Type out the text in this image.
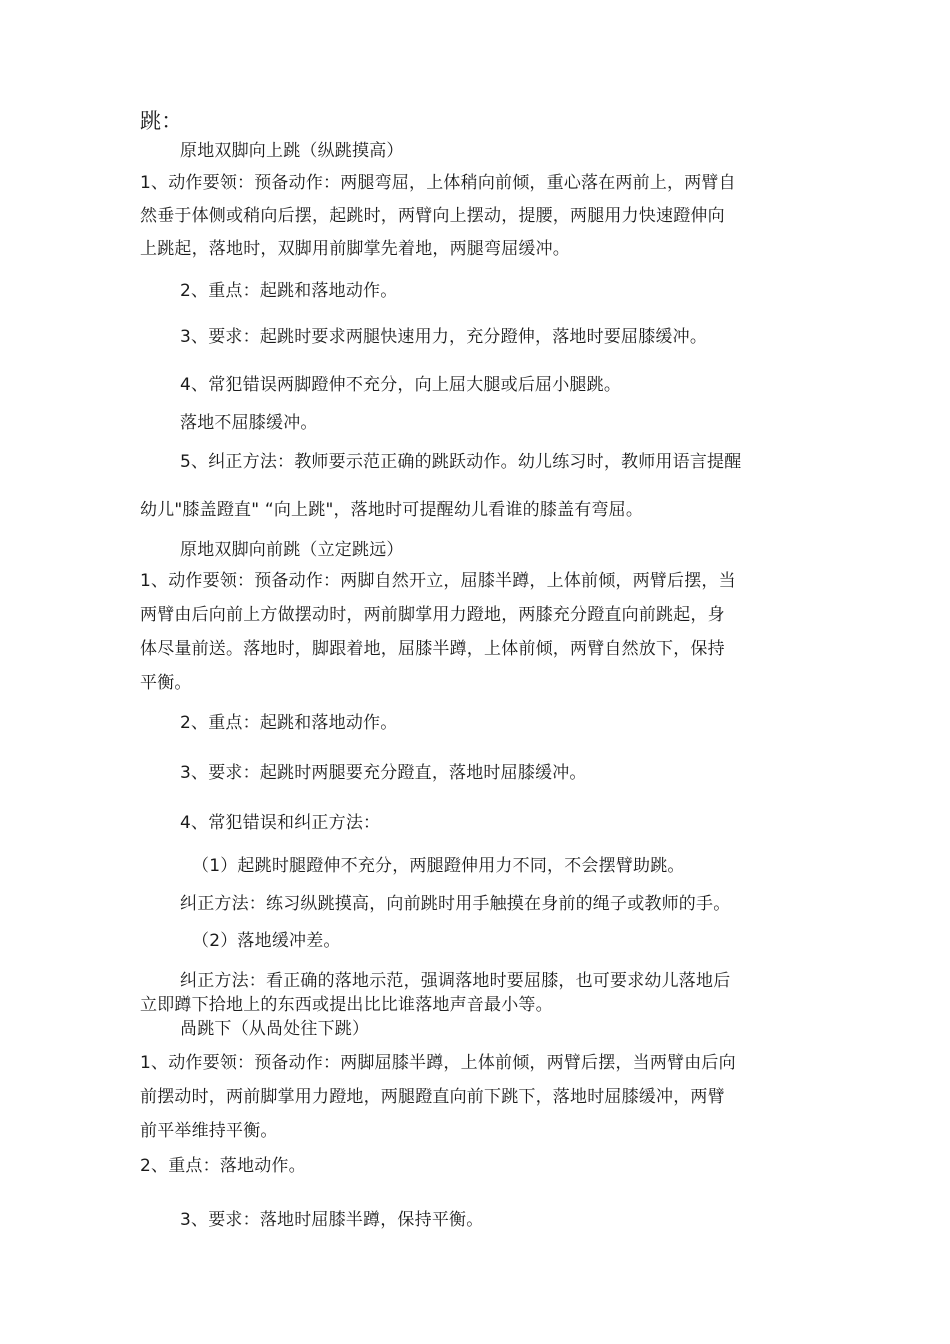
跳：
原地双脚向上跳（纵跳摸高）
1、动作要领：预备动作：两腿弯屈，上体稍向前倾，重心落在两前上，两臂自
然垂于体侧或稍向后摆，起跳时，两臂向上摆动，提腰，两腿用力快速蹬伸向
上跳起，落地时，双脚用前脚掌先着地，两腿弯屈缓冲。
2、重点：起跳和落地动作。
3、要求：起跳时要求两腿快速用力，充分蹬伸，落地时要屈膝缓冲。
4、常犯错误两脚蹬伸不充分，向上屈大腿或后屈小腿跳。
落地不屈膝缓冲。
5、纠正方法：教师要示范正确的跳跃动作。幼儿练习时，教师用语言提醒
幼儿"膝盖蹬直" “向上跳"，落地时可提醒幼儿看谁的膝盖有弯屈。
原地双脚向前跳（立定跳远）
1、动作要领：预备动作：两脚自然开立，屈膝半蹲，上体前倾，两臂后摆，当
两臂由后向前上方做摆动时，两前脚掌用力蹬地，两膝充分蹬直向前跳起，身
体尽量前送。落地时，脚跟着地，屈膝半蹲，上体前倾，两臂自然放下，保持
平衡。
2、重点：起跳和落地动作。
3、要求：起跳时两腿要充分蹬直，落地时屈膝缓冲。
4、常犯错误和纠正方法：
（1）起跳时腿蹬伸不充分，两腿蹬伸用力不同，不会摆臂助跳。
纠正方法：练习纵跳摸高，向前跳时用手触摸在身前的绳子或教师的手。
（2）落地缓冲差。
纠正方法：看正确的落地示范，强调落地时要屈膝，也可要求幼儿落地后
立即蹲下拾地上的东西或提出比比谁落地声音最小等。
咼跳下（从咼处往下跳）
1、动作要领：预备动作：两脚屈膝半蹲，上体前倾，两臂后摆，当两臂由后向
前摆动时，两前脚掌用力蹬地，两腿蹬直向前下跳下，落地时屈膝缓冲，两臂
前平举维持平衡。
2、重点：落地动作。
3、要求：落地时屈膝半蹲，保持平衡。
